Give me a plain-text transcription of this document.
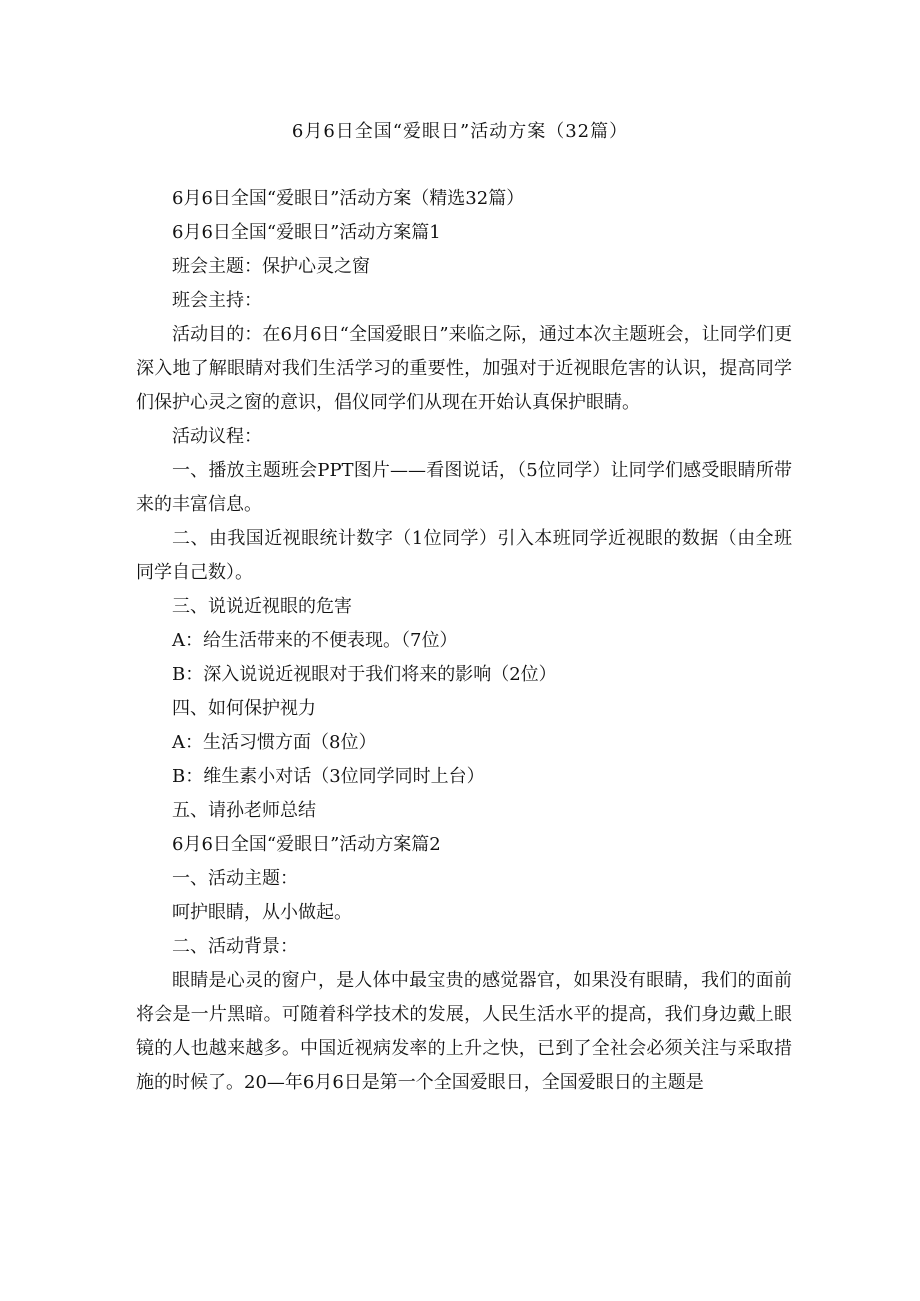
6月6日全国“爱眼日”活动方案（32篇）

6月6日全国“爱眼日”活动方案（精选32篇）

6月6日全国“爱眼日”活动方案篇1

班会主题：保护心灵之窗

班会主持：

活动目的：在6月6日“全国爱眼日”来临之际，通过本次主题班会，让同学们更深入地了解眼睛对我们生活学习的重要性，加强对于近视眼危害的认识，提高同学们保护心灵之窗的意识，倡仪同学们从现在开始认真保护眼睛。

活动议程：

一、播放主题班会PPT图片——看图说话，（5位同学）让同学们感受眼睛所带来的丰富信息。

二、由我国近视眼统计数字（1位同学）引入本班同学近视眼的数据（由全班同学自己数）。

三、说说近视眼的危害

A：给生活带来的不便表现。（7位）

B：深入说说近视眼对于我们将来的影响（2位）

四、如何保护视力

A：生活习惯方面（8位）

B：维生素小对话（3位同学同时上台）

五、请孙老师总结

6月6日全国“爱眼日”活动方案篇2

一、活动主题：

呵护眼睛，从小做起。

二、活动背景：

眼睛是心灵的窗户，是人体中最宝贵的感觉器官，如果没有眼睛，我们的面前将会是一片黑暗。可随着科学技术的发展，人民生活水平的提高，我们身边戴上眼镜的人也越来越多。中国近视病发率的上升之快，已到了全社会必须关注与采取措施的时候了。20—年6月6日是第一个全国爱眼日，全国爱眼日的主题是
